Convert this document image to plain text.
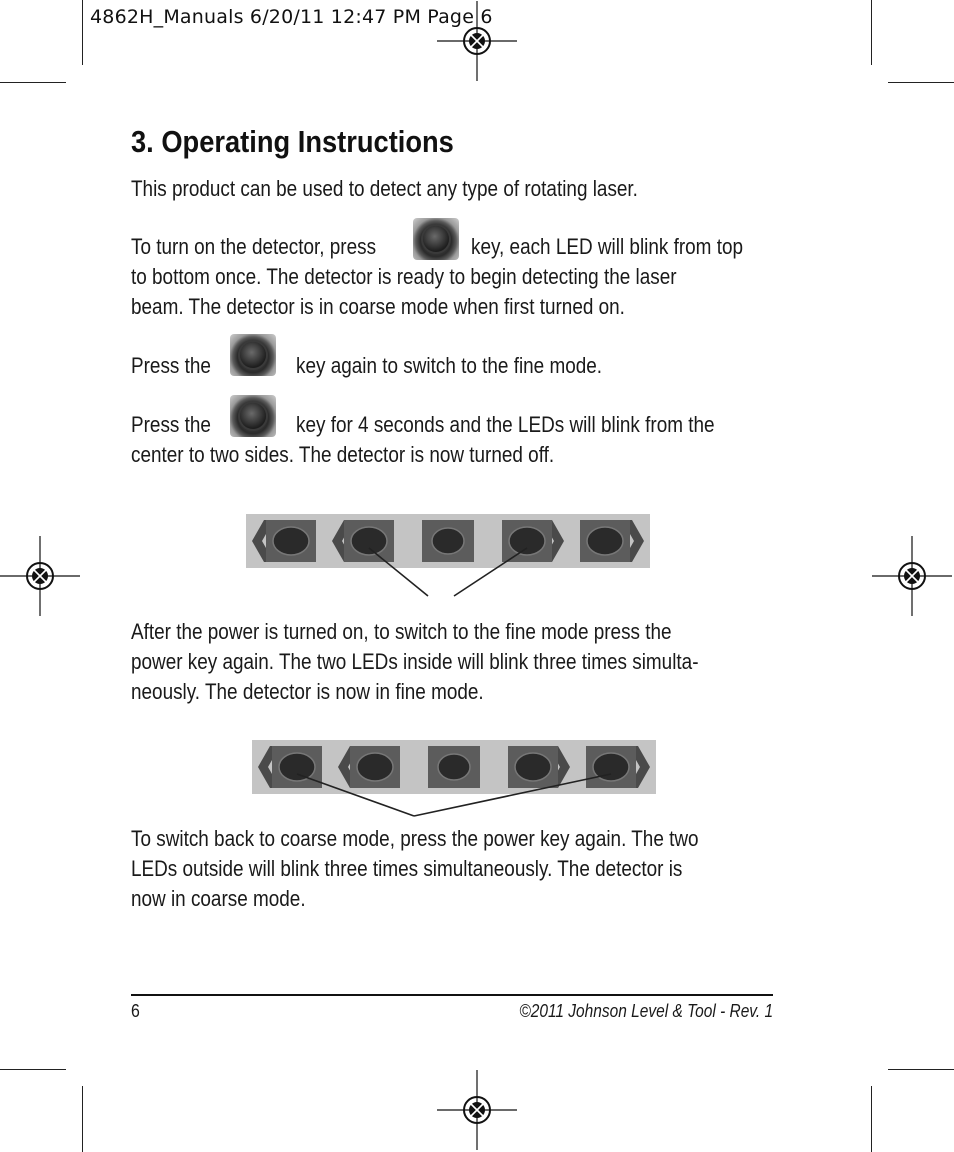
4862H_Manuals 6/20/11 12:47 PM Page 6
3. Operating Instructions
This product can be used to detect any type of rotating laser.
To turn on the detector, press	key, each LED will blink from top
to bottom once. The detector is ready to begin detecting the laser
beam. The detector is in coarse mode when first turned on.
Press the	key again to switch to the fine mode.
Press the	key for 4 seconds and the LEDs will blink from the
center to two sides. The detector is now turned off.
After the power is turned on, to switch to the fine mode press the
power key again. The two LEDs inside will blink three times simulta-
neously. The detector is now in fine mode.
To switch back to coarse mode, press the power key again. The two
LEDs outside will blink three times simultaneously. The detector is
now in coarse mode.
6	©2011 Johnson Level & Tool - Rev. 1
